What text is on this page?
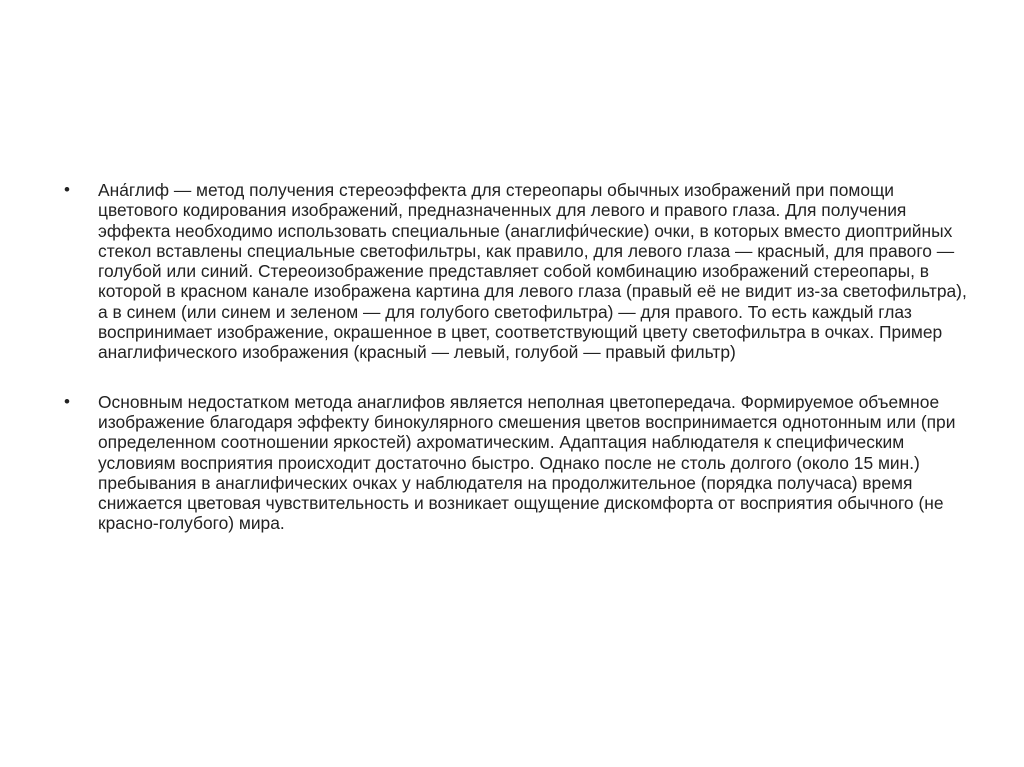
• Ана́глиф — метод получения стереоэффекта для стереопары обычных изображений при помощи цветового кодирования изображений, предназначенных для левого и правого глаза. Для получения эффекта необходимо использовать специальные (анаглифи́ческие) очки, в которых вместо диоптрийных стекол вставлены специальные светофильтры, как правило, для левого глаза — красный, для правого — голубой или синий. Стереоизображение представляет собой комбинацию изображений стереопары, в которой в красном канале изображена картина для левого глаза (правый её не видит из-за светофильтра), а в синем (или синем и зеленом — для голубого светофильтра) — для правого. То есть каждый глаз воспринимает изображение, окрашенное в цвет, соответствующий цвету светофильтра в очках. Пример анаглифического изображения (красный — левый, голубой — правый фильтр)
• Основным недостатком метода анаглифов является неполная цветопередача. Формируемое объемное изображение благодаря эффекту бинокулярного смешения цветов воспринимается однотонным или (при определенном соотношении яркостей) ахроматическим. Адаптация наблюдателя к специфическим условиям восприятия происходит достаточно быстро. Однако после не столь долгого (около 15 мин.) пребывания в анаглифических очках у наблюдателя на продолжительное (порядка получаса) время снижается цветовая чувствительность и возникает ощущение дискомфорта от восприятия обычного (не красно-голубого) мира.
